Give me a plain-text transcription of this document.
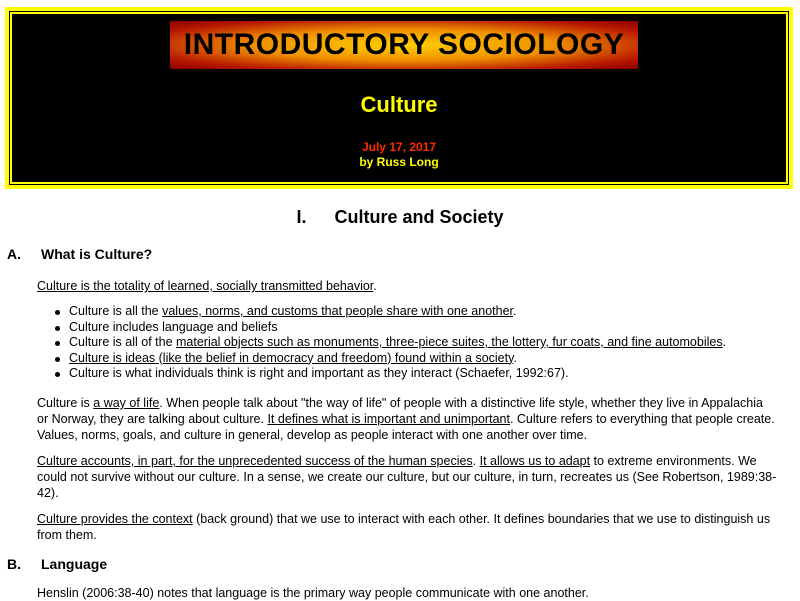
INTRODUCTORY SOCIOLOGY
Culture
July 17, 2017
by Russ Long
I. Culture and Society
A. What is Culture?
Culture is the totality of learned, socially transmitted behavior.
Culture is all the values, norms, and customs that people share with one another.
Culture includes language and beliefs
Culture is all of the material objects such as monuments, three-piece suites, the lottery, fur coats, and fine automobiles.
Culture is ideas (like the belief in democracy and freedom) found within a society.
Culture is what individuals think is right and important as they interact (Schaefer, 1992:67).
Culture is a way of life. When people talk about "the way of life" of people with a distinctive life style, whether they live in Appalachia or Norway, they are talking about culture. It defines what is important and unimportant. Culture refers to everything that people create. Values, norms, goals, and culture in general, develop as people interact with one another over time.
Culture accounts, in part, for the unprecedented success of the human species. It allows us to adapt to extreme environments. We could not survive without our culture. In a sense, we create our culture, but our culture, in turn, recreates us (See Robertson, 1989:38-42).
Culture provides the context (back ground) that we use to interact with each other. It defines boundaries that we use to distinguish us from them.
B. Language
Henslin (2006:38-40) notes that language is the primary way people communicate with one another.
